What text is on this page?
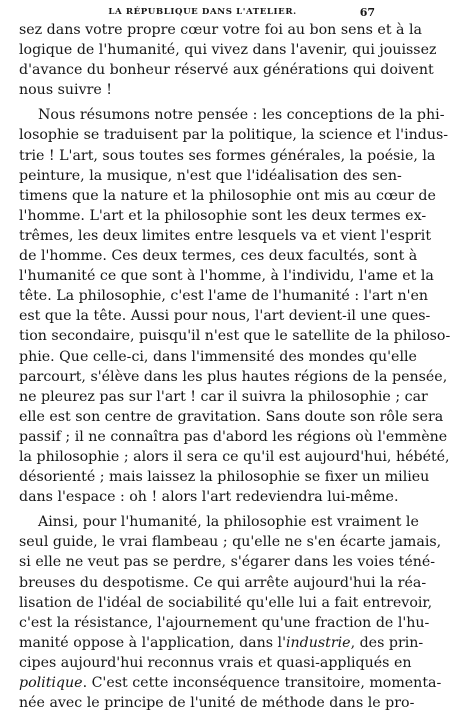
LA RÉPUBLIQUE DANS L'ATELIER.	67
sez dans votre propre cœur votre foi au bon sens et à la
logique de l'humanité, qui vivez dans l'avenir, qui jouissez
d'avance du bonheur réservé aux générations qui doivent
nous suivre !
Nous résumons notre pensée : les conceptions de la phi-
losophie se traduisent par la politique, la science et l'indus-
trie ! L'art, sous toutes ses formes générales, la poésie, la
peinture, la musique, n'est que l'idéalisation des sen-
timens que la nature et la philosophie ont mis au cœur de
l'homme. L'art et la philosophie sont les deux termes ex-
trêmes, les deux limites entre lesquels va et vient l'esprit
de l'homme. Ces deux termes, ces deux facultés, sont à
l'humanité ce que sont à l'homme, à l'individu, l'ame et la
tête. La philosophie, c'est l'ame de l'humanité : l'art n'en
est que la tête. Aussi pour nous, l'art devient-il une ques-
tion secondaire, puisqu'il n'est que le satellite de la philoso-
phie. Que celle-ci, dans l'immensité des mondes qu'elle
parcourt, s'élève dans les plus hautes régions de la pensée,
ne pleurez pas sur l'art ! car il suivra la philosophie ; car
elle est son centre de gravitation. Sans doute son rôle sera
passif ; il ne connaîtra pas d'abord les régions où l'emmène
la philosophie ; alors il sera ce qu'il est aujourd'hui, hébété,
désorienté ; mais laissez la philosophie se fixer un milieu
dans l'espace : oh ! alors l'art redeviendra lui-même.
Ainsi, pour l'humanité, la philosophie est vraiment le
seul guide, le vrai flambeau ; qu'elle ne s'en écarte jamais,
si elle ne veut pas se perdre, s'égarer dans les voies téné-
breuses du despotisme. Ce qui arrête aujourd'hui la réa-
lisation de l'idéal de sociabilité qu'elle lui a fait entrevoir,
c'est la résistance, l'ajournement qu'une fraction de l'hu-
manité oppose à l'application, dans l'industrie, des prin-
cipes aujourd'hui reconnus vrais et quasi-appliqués en
politique. C'est cette inconséquence transitoire, momenta-
née avec le principe de l'unité de méthode dans le pro-
